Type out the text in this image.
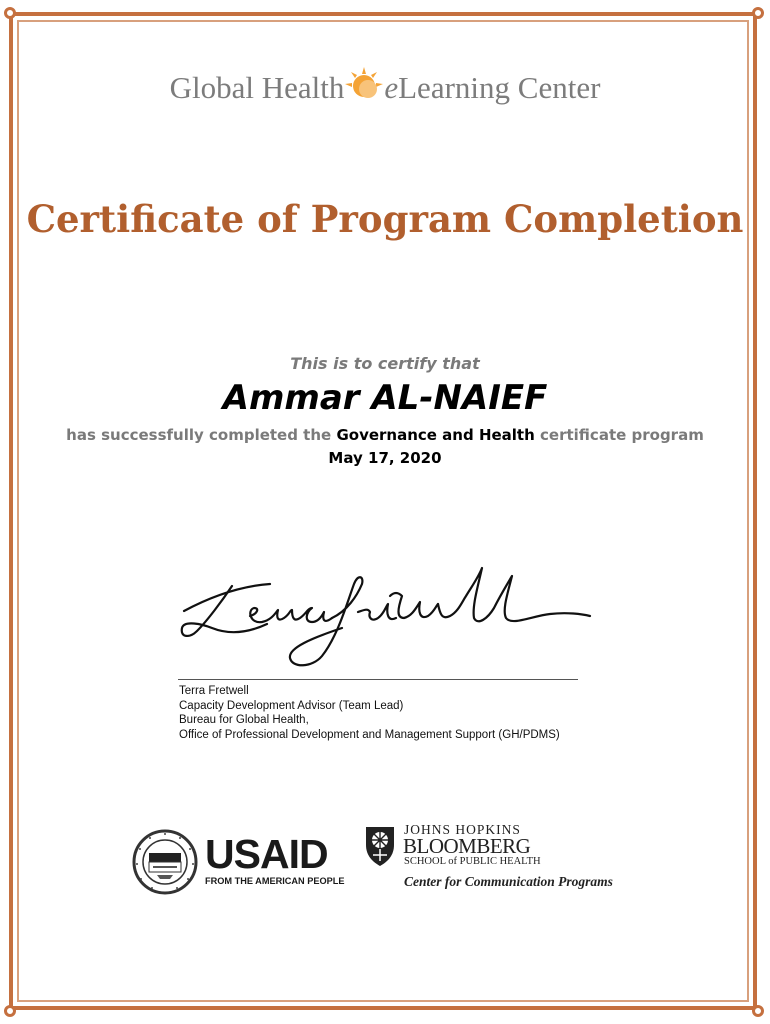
Global Health eLearning Center
Certificate of Program Completion
This is to certify that
Ammar AL-NAIEF
has successfully completed the Governance and Health certificate program
May 17, 2020
Terra Fretwell
Capacity Development Advisor (Team Lead)
Bureau for Global Health,
Office of Professional Development and Management Support (GH/PDMS)
USAID
FROM THE AMERICAN PEOPLE
JOHNS HOPKINS
BLOOMBERG
SCHOOL of PUBLIC HEALTH
Center for Communication Programs
